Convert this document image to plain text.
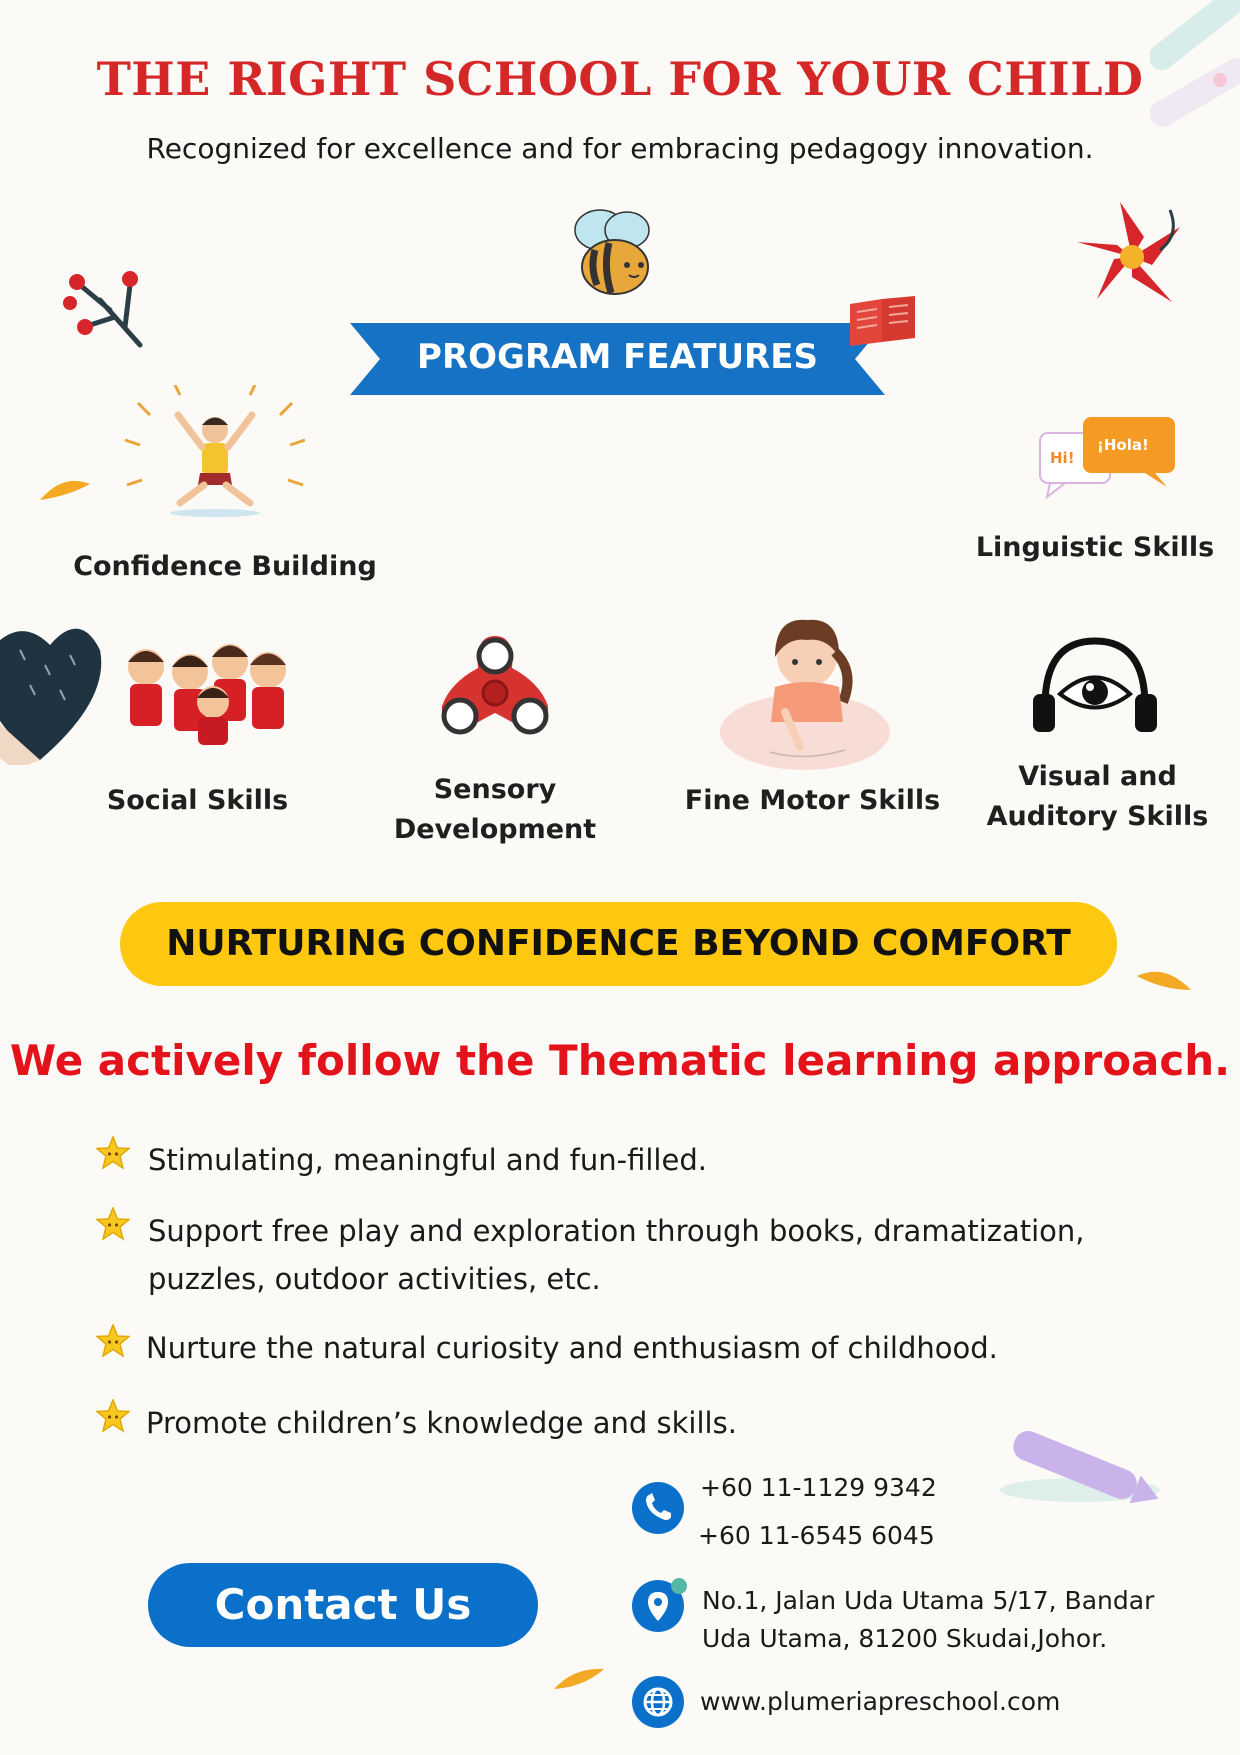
THE RIGHT SCHOOL FOR YOUR CHILD
Recognized for excellence and for embracing pedagogy innovation.
PROGRAM FEATURES
Confidence Building
Hi!
¡Hola!
Linguistic Skills
Social Skills	Sensory
Development
Fine Motor Skills
Visual and
Auditory Skills
NURTURING CONFIDENCE BEYOND COMFORT
We actively follow the Thematic learning approach.
Stimulating, meaningful and fun-filled.
Support free play and exploration through books, dramatization,
puzzles, outdoor activities, etc.
Nurture the natural curiosity and enthusiasm of childhood.
Promote children’s knowledge and skills.
Contact Us
+60 11-1129 9342
+60 11-6545 6045
No.1, Jalan Uda Utama 5/17, Bandar
Uda Utama, 81200 Skudai,Johor.
www.plumeriapreschool.com
